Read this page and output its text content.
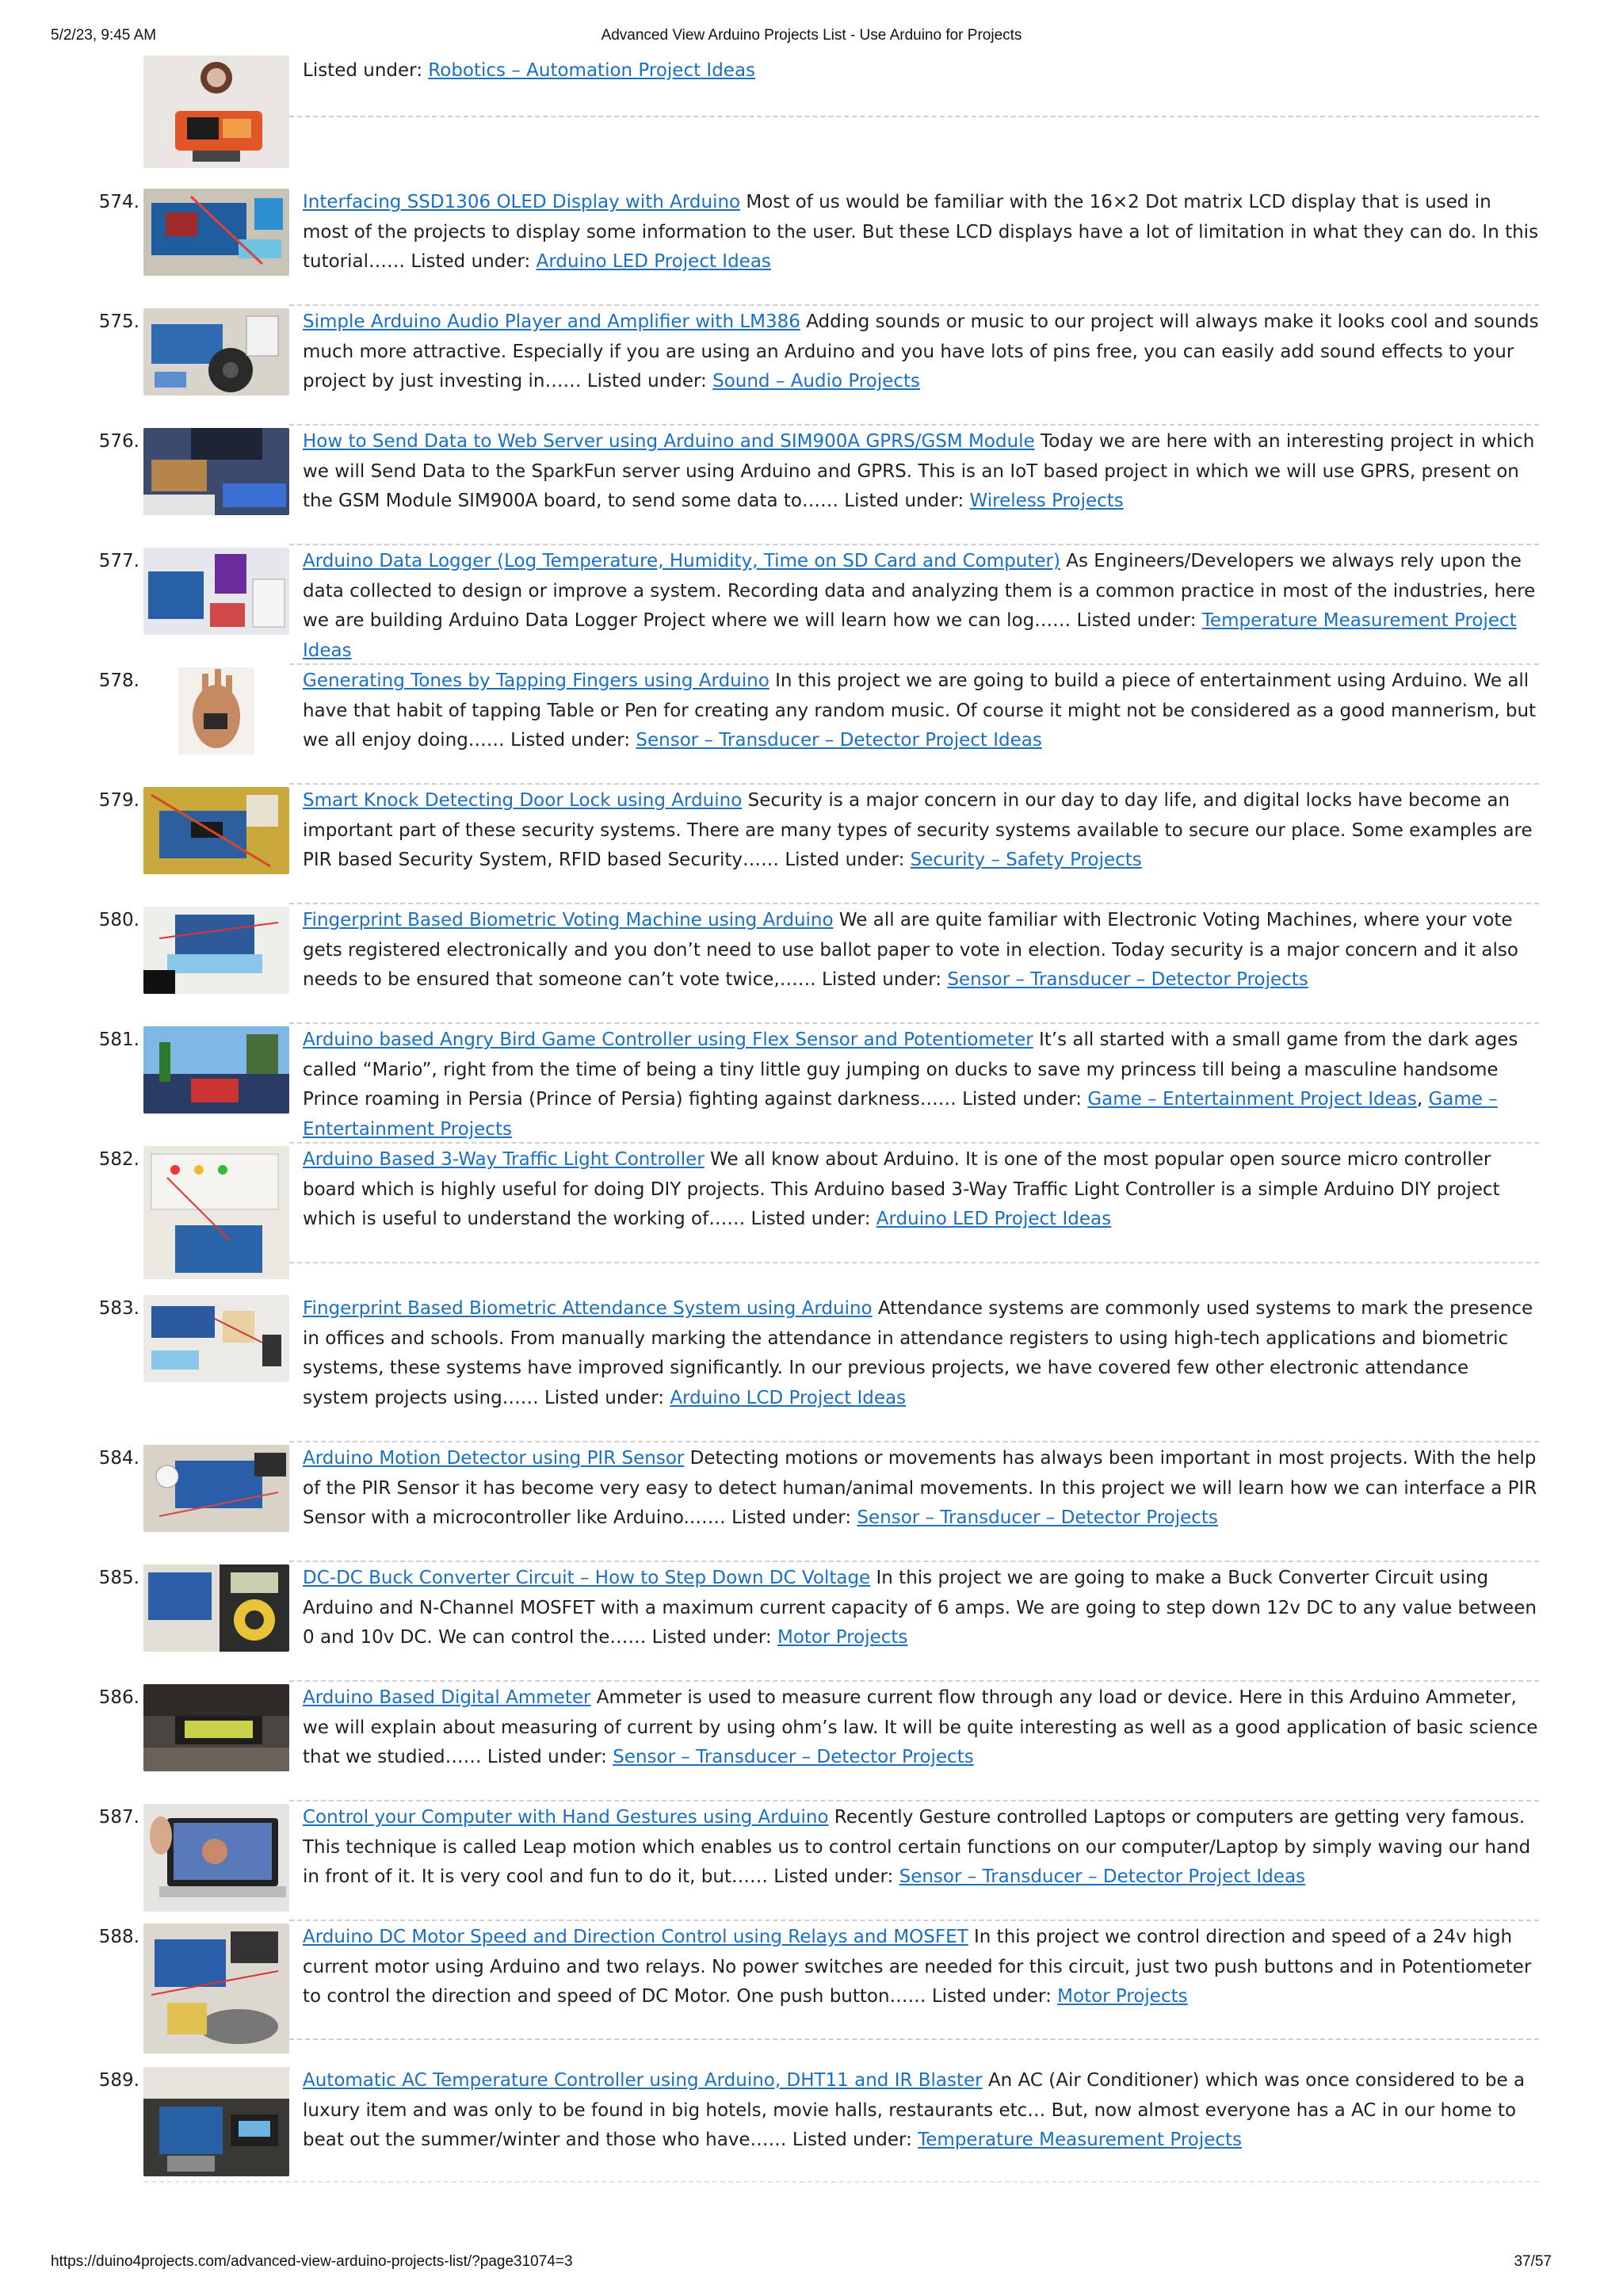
5/2/23, 9:45 AM	Advanced View Arduino Projects List - Use Arduino for Projects
Listed under: Robotics – Automation Project Ideas
574.	Interfacing SSD1306 OLED Display with Arduino Most of us would be familiar with the 16×2 Dot matrix LCD display that is used in most of the projects to display some information to the user. But these LCD displays have a lot of limitation in what they can do. In this tutorial…… Listed under: Arduino LED Project Ideas
575.	Simple Arduino Audio Player and Amplifier with LM386 Adding sounds or music to our project will always make it looks cool and sounds much more attractive. Especially if you are using an Arduino and you have lots of pins free, you can easily add sound effects to your project by just investing in…… Listed under: Sound – Audio Projects
576.	How to Send Data to Web Server using Arduino and SIM900A GPRS/GSM Module Today we are here with an interesting project in which we will Send Data to the SparkFun server using Arduino and GPRS. This is an IoT based project in which we will use GPRS, present on the GSM Module SIM900A board, to send some data to…… Listed under: Wireless Projects
577.	Arduino Data Logger (Log Temperature, Humidity, Time on SD Card and Computer) As Engineers/Developers we always rely upon the data collected to design or improve a system. Recording data and analyzing them is a common practice in most of the industries, here we are building Arduino Data Logger Project where we will learn how we can log…… Listed under: Temperature Measurement Project Ideas
578.	Generating Tones by Tapping Fingers using Arduino In this project we are going to build a piece of entertainment using Arduino. We all have that habit of tapping Table or Pen for creating any random music. Of course it might not be considered as a good mannerism, but we all enjoy doing…… Listed under: Sensor – Transducer – Detector Project Ideas
579.	Smart Knock Detecting Door Lock using Arduino Security is a major concern in our day to day life, and digital locks have become an important part of these security systems. There are many types of security systems available to secure our place. Some examples are PIR based Security System, RFID based Security…… Listed under: Security – Safety Projects
580.	Fingerprint Based Biometric Voting Machine using Arduino We all are quite familiar with Electronic Voting Machines, where your vote gets registered electronically and you don’t need to use ballot paper to vote in election. Today security is a major concern and it also needs to be ensured that someone can’t vote twice,…… Listed under: Sensor – Transducer – Detector Projects
581.	Arduino based Angry Bird Game Controller using Flex Sensor and Potentiometer It’s all started with a small game from the dark ages called “Mario”, right from the time of being a tiny little guy jumping on ducks to save my princess till being a masculine handsome Prince roaming in Persia (Prince of Persia) fighting against darkness…… Listed under: Game – Entertainment Project Ideas, Game – Entertainment Projects
582.	Arduino Based 3-Way Traffic Light Controller We all know about Arduino. It is one of the most popular open source micro controller board which is highly useful for doing DIY projects. This Arduino based 3-Way Traffic Light Controller is a simple Arduino DIY project which is useful to understand the working of…… Listed under: Arduino LED Project Ideas
583.	Fingerprint Based Biometric Attendance System using Arduino Attendance systems are commonly used systems to mark the presence in offices and schools. From manually marking the attendance in attendance registers to using high-tech applications and biometric systems, these systems have improved significantly. In our previous projects, we have covered few other electronic attendance system projects using…… Listed under: Arduino LCD Project Ideas
584.	Arduino Motion Detector using PIR Sensor Detecting motions or movements has always been important in most projects. With the help of the PIR Sensor it has become very easy to detect human/animal movements. In this project we will learn how we can interface a PIR Sensor with a microcontroller like Arduino.…… Listed under: Sensor – Transducer – Detector Projects
585.	DC-DC Buck Converter Circuit – How to Step Down DC Voltage In this project we are going to make a Buck Converter Circuit using Arduino and N-Channel MOSFET with a maximum current capacity of 6 amps. We are going to step down 12v DC to any value between 0 and 10v DC. We can control the…… Listed under: Motor Projects
586.	Arduino Based Digital Ammeter Ammeter is used to measure current flow through any load or device. Here in this Arduino Ammeter, we will explain about measuring of current by using ohm’s law. It will be quite interesting as well as a good application of basic science that we studied…… Listed under: Sensor – Transducer – Detector Projects
587.	Control your Computer with Hand Gestures using Arduino Recently Gesture controlled Laptops or computers are getting very famous. This technique is called Leap motion which enables us to control certain functions on our computer/Laptop by simply waving our hand in front of it. It is very cool and fun to do it, but…… Listed under: Sensor – Transducer – Detector Project Ideas
588.	Arduino DC Motor Speed and Direction Control using Relays and MOSFET In this project we control direction and speed of a 24v high current motor using Arduino and two relays. No power switches are needed for this circuit, just two push buttons and in Potentiometer to control the direction and speed of DC Motor. One push button…… Listed under: Motor Projects
589.	Automatic AC Temperature Controller using Arduino, DHT11 and IR Blaster An AC (Air Conditioner) which was once considered to be a luxury item and was only to be found in big hotels, movie halls, restaurants etc… But, now almost everyone has a AC in our home to beat out the summer/winter and those who have…… Listed under: Temperature Measurement Projects
https://duino4projects.com/advanced-view-arduino-projects-list/?page31074=3	37/57
